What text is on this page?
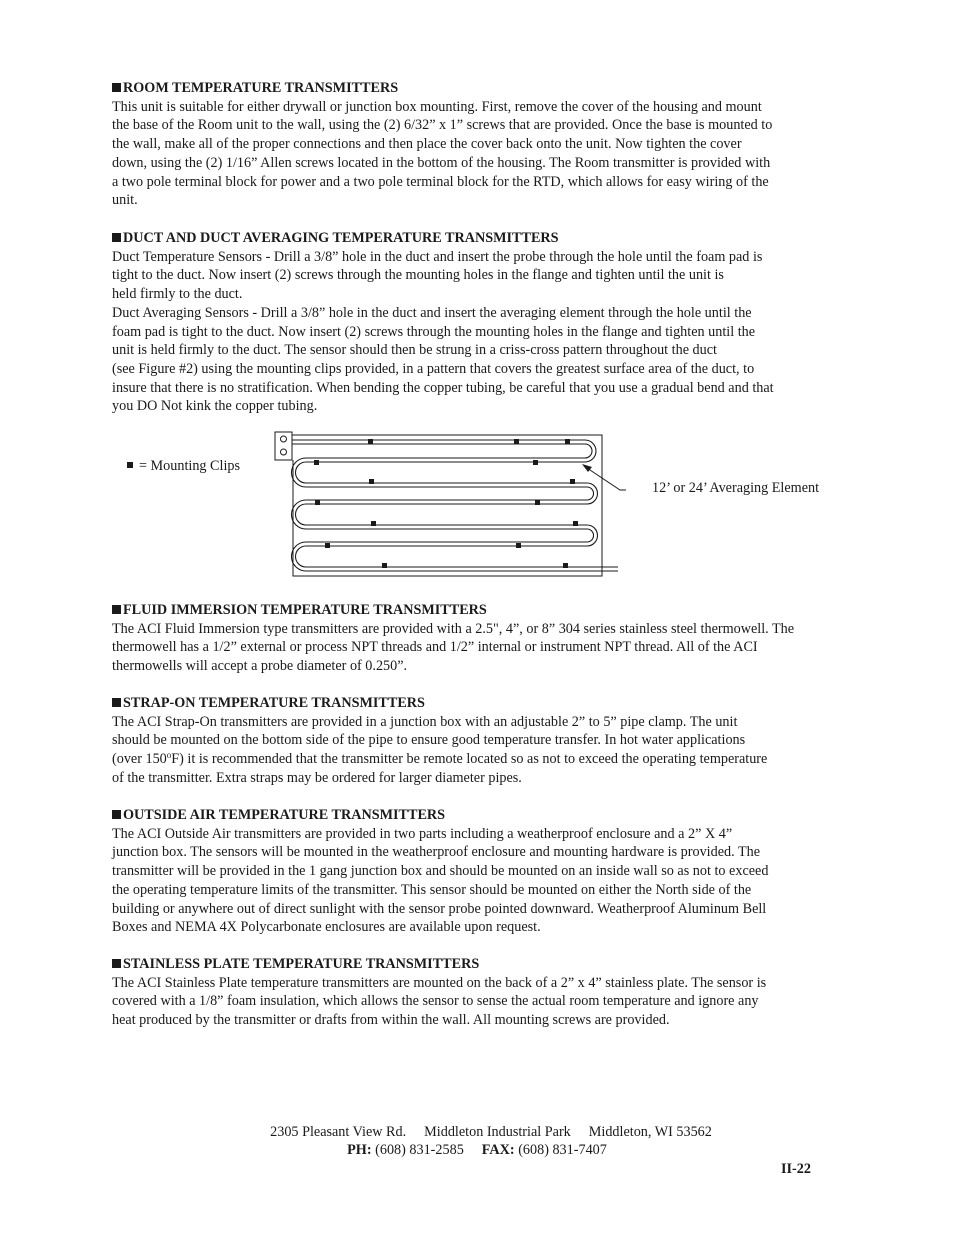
ROOM TEMPERATURE TRANSMITTERS
This unit is suitable for either drywall or junction box mounting. First, remove the cover of the housing and mount
the base of the Room unit to the wall, using the (2) 6/32” x 1” screws that are provided. Once the base is mounted to
the wall, make all of the proper connections and then place the cover back onto the unit. Now tighten the cover
down, using the (2) 1/16” Allen screws located in the bottom of the housing. The Room transmitter is provided with
a two pole terminal block for power and a two pole terminal block for the RTD, which allows for easy wiring of the
unit.
DUCT AND DUCT AVERAGING TEMPERATURE TRANSMITTERS
Duct Temperature Sensors - Drill a 3/8” hole in the duct and insert the probe through the hole until the foam pad is
tight to the duct. Now insert (2) screws through the mounting holes in the flange and tighten until the unit is
held firmly to the duct.
Duct Averaging Sensors - Drill a 3/8” hole in the duct and insert the averaging element through the hole until the
foam pad is tight to the duct. Now insert (2) screws through the mounting holes in the flange and tighten until the
unit is held firmly to the duct. The sensor should then be strung in a criss-cross pattern throughout the duct
(see Figure #2) using the mounting clips provided, in a pattern that covers the greatest surface area of the duct, to
insure that there is no stratification. When bending the copper tubing, be careful that you use a gradual bend and that
you DO Not kink the copper tubing.
= Mounting Clips
12’ or 24’ Averaging Element
FLUID IMMERSION TEMPERATURE TRANSMITTERS
The ACI Fluid Immersion type transmitters are provided with a 2.5", 4”, or 8” 304 series stainless steel thermowell. The
thermowell has a 1/2” external or process NPT threads and 1/2” internal or instrument NPT thread. All of the ACI
thermowells will accept a probe diameter of 0.250”.
STRAP-ON TEMPERATURE TRANSMITTERS
The ACI Strap-On transmitters are provided in a junction box with an adjustable 2” to 5” pipe clamp. The unit
should be mounted on the bottom side of the pipe to ensure good temperature transfer. In hot water applications
(over 150$^o$F) it is recommended that the transmitter be remote located so as not to exceed the operating temperature
of the transmitter. Extra straps may be ordered for larger diameter pipes.
OUTSIDE AIR TEMPERATURE TRANSMITTERS
The ACI Outside Air transmitters are provided in two parts including a weatherproof enclosure and a 2” X 4”
junction box. The sensors will be mounted in the weatherproof enclosure and mounting hardware is provided. The
transmitter will be provided in the 1 gang junction box and should be mounted on an inside wall so as not to exceed
the operating temperature limits of the transmitter. This sensor should be mounted on either the North side of the
building or anywhere out of direct sunlight with the sensor probe pointed downward. Weatherproof Aluminum Bell
Boxes and NEMA 4X Polycarbonate enclosures are available upon request.
STAINLESS PLATE TEMPERATURE TRANSMITTERS
The ACI Stainless Plate temperature transmitters are mounted on the back of a 2” x 4” stainless plate. The sensor is
covered with a 1/8” foam insulation, which allows the sensor to sense the actual room temperature and ignore any
heat produced by the transmitter or drafts from within the wall. All mounting screws are provided.
2305 Pleasant View Rd. Middleton Industrial Park Middleton, WI 53562
PH: (608) 831-2585 FAX: (608) 831-7407
II-22
